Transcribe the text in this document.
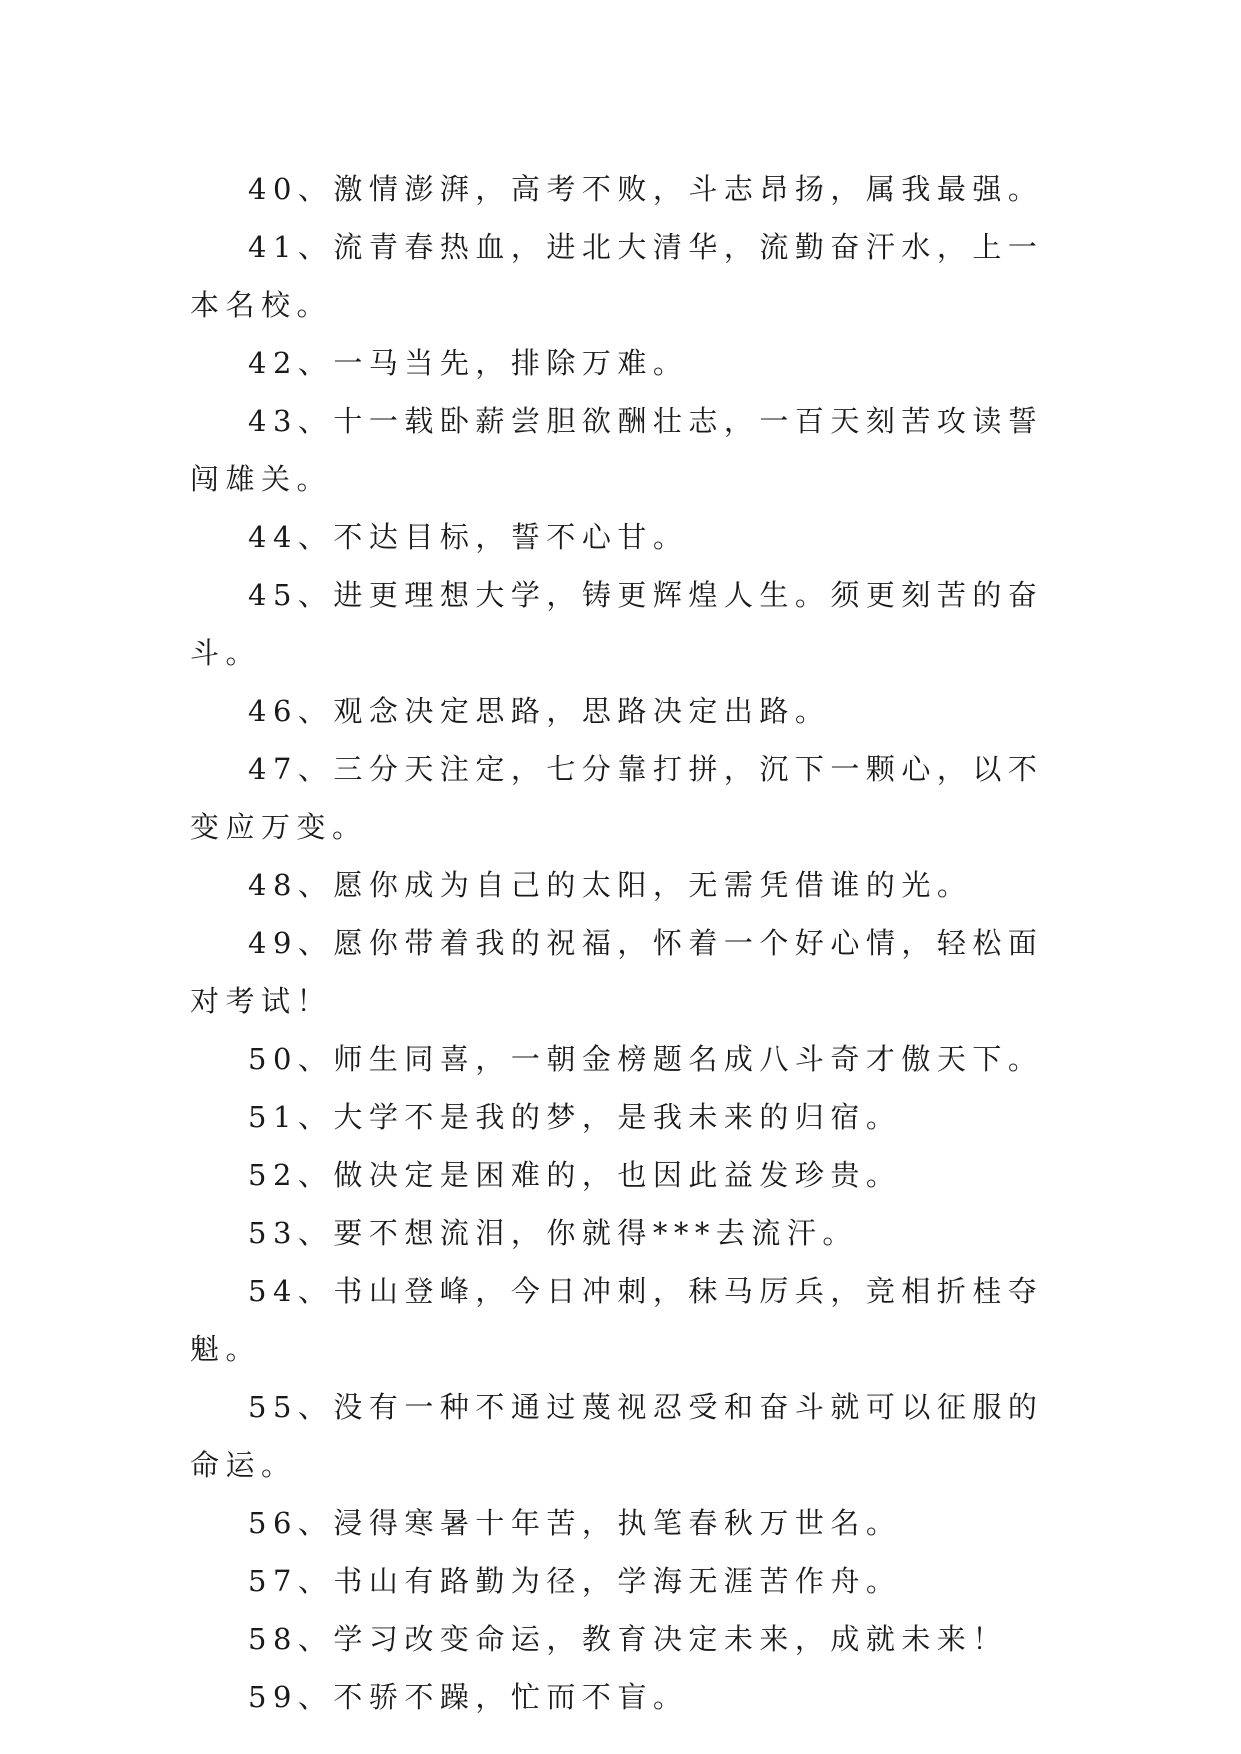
40、激情澎湃，高考不败，斗志昂扬，属我最强。

41、流青春热血，进北大清华，流勤奋汗水，上一本名校。

42、一马当先，排除万难。

43、十一载卧薪尝胆欲酬壮志，一百天刻苦攻读誓闯雄关。

44、不达目标，誓不心甘。

45、进更理想大学，铸更辉煌人生。须更刻苦的奋斗。

46、观念决定思路，思路决定出路。

47、三分天注定，七分靠打拼，沉下一颗心，以不变应万变。

48、愿你成为自己的太阳，无需凭借谁的光。

49、愿你带着我的祝福，怀着一个好心情，轻松面对考试！

50、师生同喜，一朝金榜题名成八斗奇才傲天下。

51、大学不是我的梦，是我未来的归宿。

52、做决定是困难的，也因此益发珍贵。

53、要不想流泪，你就得***去流汗。

54、书山登峰，今日冲刺，秣马厉兵，竞相折桂夺魁。

55、没有一种不通过蔑视忍受和奋斗就可以征服的命运。

56、浸得寒暑十年苦，执笔春秋万世名。

57、书山有路勤为径，学海无涯苦作舟。

58、学习改变命运，教育决定未来，成就未来！

59、不骄不躁，忙而不盲。
